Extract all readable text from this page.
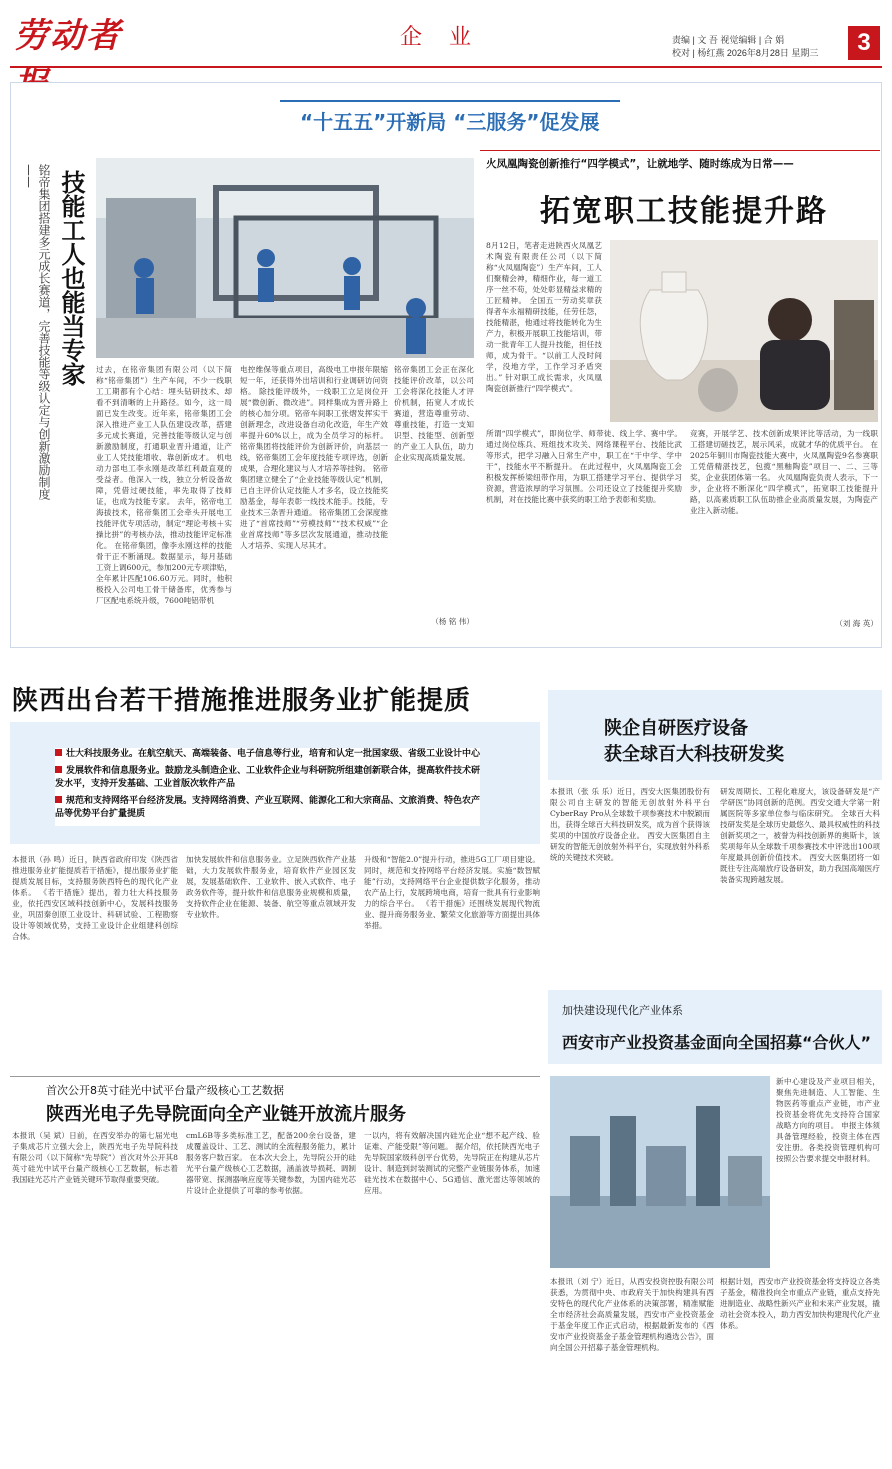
劳动者	企 业	责编 | 文 吾 视觉编辑 | 合 娟
校对 | 杨红燕 2026年8月28日 星期三	3
“十五五”开新局 “三服务”促发展
铭帝集团搭建多元成长赛道，完善技能等级认定与创新激励制度—— 技能工人也能当专家	过去，在铭帝集团有限公司（以下简称“铭帝集团”）生产车间，不少一线职工工期都有个心结：埋头钻研技术、却看不到清晰的上升路径。如今，这一局面已发生改变。近年来，铭帝集团工会深入推进产业工人队伍建设改革，搭建多元成长赛道，完善技能等级认定与创新激励制度，打通职业晋升通道，让产业工人凭技能增收、靠创新成才。 机电动力部电工李永刚是改革红利最直观的受益者。他深入一线，独立分析设备故障，凭借过硬技能，率先取得了技师证，也成为技能专家。 去年，铭帝电工海拔技术，铭帝集团工会牵头开展电工技能评优专项活动，制定“理论考核＋实操比拼”的考核办法，推动技能评定标准化。 在铭帝集团，像李永刚这样的技能骨干正不断涌现。数据显示，每月基础工资上调600元，参加200元专项津贴，全年累计匹配106.60万元。同时，他积极投入公司电工骨干储备库，优秀参与厂区配电系统升级，7600吨铝带机
电控维保等重点项目，高级电工申报年限缩短一年，还获得外出培训和行业调研访问资格。 除技能评级外，一线职工立足岗位开展“微创新、微改进”。同样集成为晋升路上的核心加分项。铭帝车间职工张熠发挥实干创新理念，改进设备自动化改造，年生产效率提升60%以上，成为全员学习的标杆。 铭帝集团将技能评价为创新评价，向基层一线，铭帝集团工会年度技能专项评选，创新成果，合理化建议与人才培养等挂钩。 铭帝集团建立健全了“企业技能等级认定”机制，已自主评价认定技能人才多名，设立技能奖励基金，每年表彰一线技术能手。技能，专业技术三条晋升通道。 铭帝集团工会深度推进了“首席技师”“劳模技师”“技术权威”“企业首席技师”等多层次发展通道，推动技能人才培养、实现人尽其才。
铭帝集团工会正在深化技能评价改革，以公司工会将深化技能人才评价机制，拓宽人才成长赛道，营造尊重劳动、尊重技能，打造一支知识型、技能型、创新型的产业工人队伍，助力企业实现高质量发展。
（杨 铭 伟）
火凤凰陶瓷创新推行“四学模式”，让就地学、随时练成为日常——
拓宽职工技能提升路
8月12日，笔者走进陕西火凤凰艺术陶瓷有限责任公司（以下简称“火凤凰陶瓷”）生产车间，工人们聚精会神，精细作业，每一道工序一丝不苟，处处彰显精益求精的工匠精神。 全国五一劳动奖章获得者车永福精研技能，任劳任怨，技能精湛，他通过将技能转化为生产力，积极开展职工技能培训，带动一批青年工人提升技能，担任技师，成为骨干。“以前工人没时间学，没地方学，工作学习矛盾突出。” 针对职工成长需求，火凤凰陶瓷创新推行“四学模式”。
所谓“四学模式”，即岗位学、师带徒、线上学、赛中学。通过岗位练兵、班组技术攻关、网络课程平台、技能比武等形式，把学习融入日常生产中，职工在“干中学、学中干”，技能水平不断提升。 在此过程中，火凤凰陶瓷工会积极发挥桥梁纽带作用，为职工搭建学习平台、提供学习资源，营造浓厚的学习氛围。公司还设立了技能提升奖励机制，对在技能比赛中获奖的职工给予表彰和奖励。
竞赛，开展学艺、技术创新成果评比等活动，为一线职工搭建切磋技艺，展示风采，成就才华的优质平台。 在2025年铜川市陶瓷技能大赛中，火凤凰陶瓷9名参赛职工凭借精湛技艺，包揽“黑釉陶瓷”项目一、二、三等奖，企业获团体第一名。 火凤凰陶瓷负责人表示，下一步，企业将不断深化“四学模式”，拓宽职工技能提升路，以高素质职工队伍助推企业高质量发展，为陶瓷产业注入新动能。
（刘 海 英）
陕西出台若干措施推进服务业扩能提质
壮大科技服务业。在航空航天、高端装备、电子信息等行业，培育和认定一批国家级、省级工业设计中心
发展软件和信息服务业。鼓励龙头制造企业、工业软件企业与科研院所组建创新联合体，提高软件技术研发水平，支持开发基础、工业首版次软件产品
规范和支持网络平台经济发展。支持网络消费、产业互联网、能源化工和大宗商品、文旅消费、特色农产品等优势平台扩量提质
本报讯（孙 鸣）近日，陕西省政府印发《陕西省推进服务业扩能提质若干措施》，提出服务业扩能提质发展目标，支持服务陕西特色的现代化产业体系。 《若干措施》提出，着力壮大科技服务业，依托西安区域科技创新中心，发展科技服务业，巩固秦创原工业设计、科研试验、工程勘察设计等领域优势，支持工业设计企业组建科创综合体。
加快发展软件和信息服务业。立足陕西软件产业基础，大力发展软件服务业，培育软件产业园区发展，发展基础软件、工业软件、嵌入式软件、电子政务软件等，提升软件和信息服务业规模和质量，支持软件企业在能源、装备、航空等重点领域开发专业软件。
升级和“智能2.0”提升行动，推进5G工厂项目建设。 同时，规范和支持网络平台经济发展。实施“数智赋能”行动，支持网络平台企业提供数字化服务，推动农产品上行，发展跨境电商，培育一批具有行业影响力的综合平台。 《若干措施》还围绕发展现代物流业、提升商务服务业、繁荣文化旅游等方面提出具体举措。
陕企自研医疗设备
获全球百大科技研发奖
本报讯（张 乐 乐）近日，西安大医集团股份有限公司自主研发的智能无创放射外科平台CyberRay Pro从全球数千项参赛技术中脱颖而出，获得全球百大科技研发奖，成为首个获得该奖项的中国放疗设备企业。 西安大医集团自主研发的智能无创放射外科平台，实现放射外科系统的关键技术突破。
研发周期长、工程化难度大，该设备研发是“产学研医”协同创新的范例。西安交通大学第一附属医院等多家单位参与临床研究。 全球百大科技研发奖是全球历史最悠久、最具权威性的科技创新奖项之一，被誉为科技创新界的奥斯卡，该奖项每年从全球数千项参赛技术中评选出100项年度最具创新价值技术。 西安大医集团将一如既往专注高端放疗设备研发，助力我国高端医疗装备实现跨越发展。
加快建设现代化产业体系
西安市产业投资基金面向全国招募“合伙人”
首次公开8英寸硅光中试平台量产级核心工艺数据
陕西光电子先导院面向全产业链开放流片服务
本报讯（吴 斌）日前，在西安举办的第七届光电子集成芯片立强大会上，陕西光电子先导院科技有限公司（以下简称“先导院”）首次对外公开其8英寸硅光中试平台量产级核心工艺数据，标志着我国硅光芯片产业链关键环节取得重要突破。
cmL6B等多类标准工艺，配备200余台设备，建成覆盖设计、工艺、测试的全流程服务能力，累计服务客户数百家。 在本次大会上，先导院公开的硅光平台量产级核心工艺数据，涵盖波导损耗、调制器带宽、探测器响应度等关键参数，为国内硅光芯片设计企业提供了可靠的参考依据。
一以内，将有效解决国内硅光企业“想不起产线、验证难、产能受限”等问题。 据介绍，依托陕西光电子先导院国家级科创平台优势，先导院正在构建从芯片设计、制造到封装测试的完整产业链服务体系，加速硅光技术在数据中心、5G通信、激光雷达等领域的应用。
新中心建设及产业项目相关，聚焦先进制造、人工智能、生物医药等重点产业链，市产业投资基金将优先支持符合国家战略方向的项目。 申报主体须具备管理经验，投资主体在西安注册。各类投资管理机构可按照公告要求提交申报材料。
本报讯（刘 宁）近日，从西安投资控股有限公司获悉，为贯彻中央、市政府关于加快构建具有西安特色的现代化产业体系的决策部署，精准赋能全市经济社会高质量发展，西安市产业投资基金于基金年度工作正式启动，根据最新发布的《西安市产业投资基金子基金管理机构遴选公告》，面向全国公开招募子基金管理机构。
根据计划，西安市产业投资基金将支持设立各类子基金，精准投向全市重点产业链，重点支持先进制造业、战略性新兴产业和未来产业发展，撬动社会资本投入，助力西安加快构建现代化产业体系。
